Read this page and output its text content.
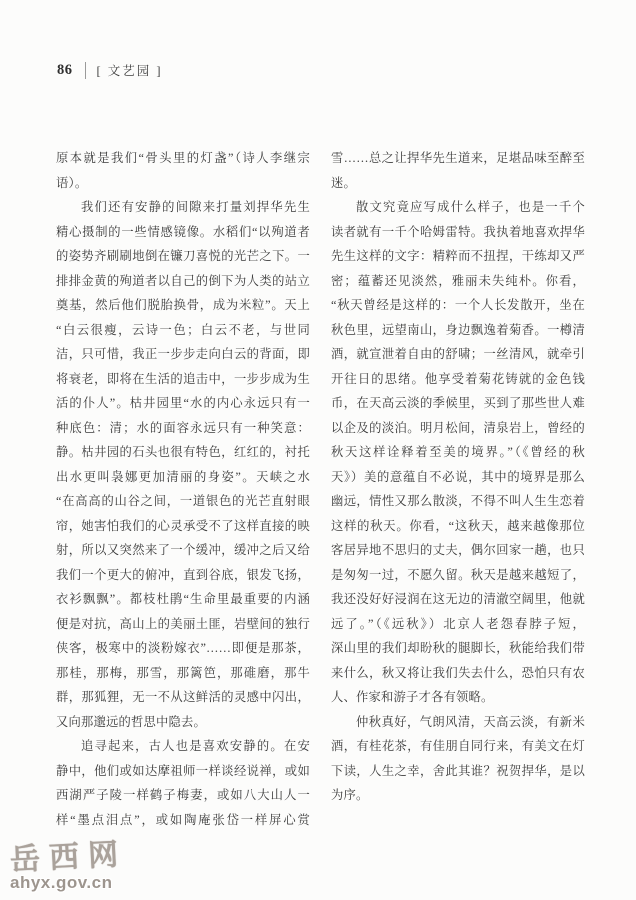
86 [ 文艺园 ]
原本就是我们“骨头里的灯盏”（诗人李继宗
语）。
我们还有安静的间隙来打量刘捍华先生
精心摄制的一些情感镜像。水稻们“以殉道者
的姿势齐刷刷地倒在镰刀喜悦的光芒之下。一
排排金黄的殉道者以自己的倒下为人类的站立
奠基，然后他们脱胎换骨，成为米粒”。天上
“白云很瘦，云诗一色；白云不老，与世同
洁，只可惜，我正一步步走向白云的背面，即
将衰老，即将在生活的追击中，一步步成为生
活的仆人”。枯井园里“水的内心永远只有一
种底色：清；水的面容永远只有一种笑意：
静。枯井园的石头也很有特色，红红的，衬托
出水更叫袅娜更加清丽的身姿”。天峡之水
“在高高的山谷之间，一道银色的光芒直射眼
帘，她害怕我们的心灵承受不了这样直接的映
射，所以又突然来了一个缓冲，缓冲之后又给
我们一个更大的俯冲，直到谷底，银发飞扬，
衣衫飘飘”。都枝杜鹃“生命里最重要的内涵
便是对抗，高山上的美丽土匪，岩壁间的独行
侠客，极寒中的淡粉嫁衣”……即便是那茶，
那桂，那梅，那雪，那篱笆，那碓磨，那牛
群，那狐狸，无一不从这鲜活的灵感中闪出，
又向那邈远的哲思中隐去。
追寻起来，古人也是喜欢安静的。在安
静中，他们或如达摩祖师一样谈经说禅，或如
西湖严子陵一样鹤子梅妻，或如八大山人一
样“墨点泪点”，或如陶庵张岱一样屏心赏
雪……总之让捍华先生道来，足堪品味至醉至
迷。
散文究竟应写成什么样子，也是一千个
读者就有一千个哈姆雷特。我执着地喜欢捍华
先生这样的文字：精粹而不扭捏，干练却又严
密；蕴蓄还见淡然，雅丽未失纯朴。你看，
“秋天曾经是这样的：一个人长发散开，坐在
秋色里，远望南山，身边飘逸着菊香。一樽清
酒，就宣泄着自由的舒啸；一丝清风，就牵引
开往日的思绪。他享受着菊花铸就的金色钱
币，在天高云淡的季候里，买到了那些世人难
以企及的淡泊。明月松间，清泉岩上，曾经的
秋天这样诠释着至美的境界。”（《曾经的秋
天》）美的意蕴自不必说，其中的境界是那么
幽远，情性又那么散淡，不得不叫人生生恋着
这样的秋天。你看，“这秋天，越来越像那位
客居异地不思归的丈夫，偶尔回家一趟，也只
是匆匆一过，不愿久留。秋天是越来越短了，
我还没好好浸润在这无边的清澈空阔里，他就
远了。”（《远秋》）北京人老怨春脖子短，
深山里的我们却盼秋的腿脚长，秋能给我们带
来什么，秋又将让我们失去什么，恐怕只有农
人、作家和游子才各有领略。
仲秋真好，气朗风清，天高云淡，有新米
酒，有桂花茶，有佳朋自同行来，有美文在灯
下读，人生之幸，舍此其谁？祝贺捍华，是以
为序。
岳西网
ahyx.gov.cn
